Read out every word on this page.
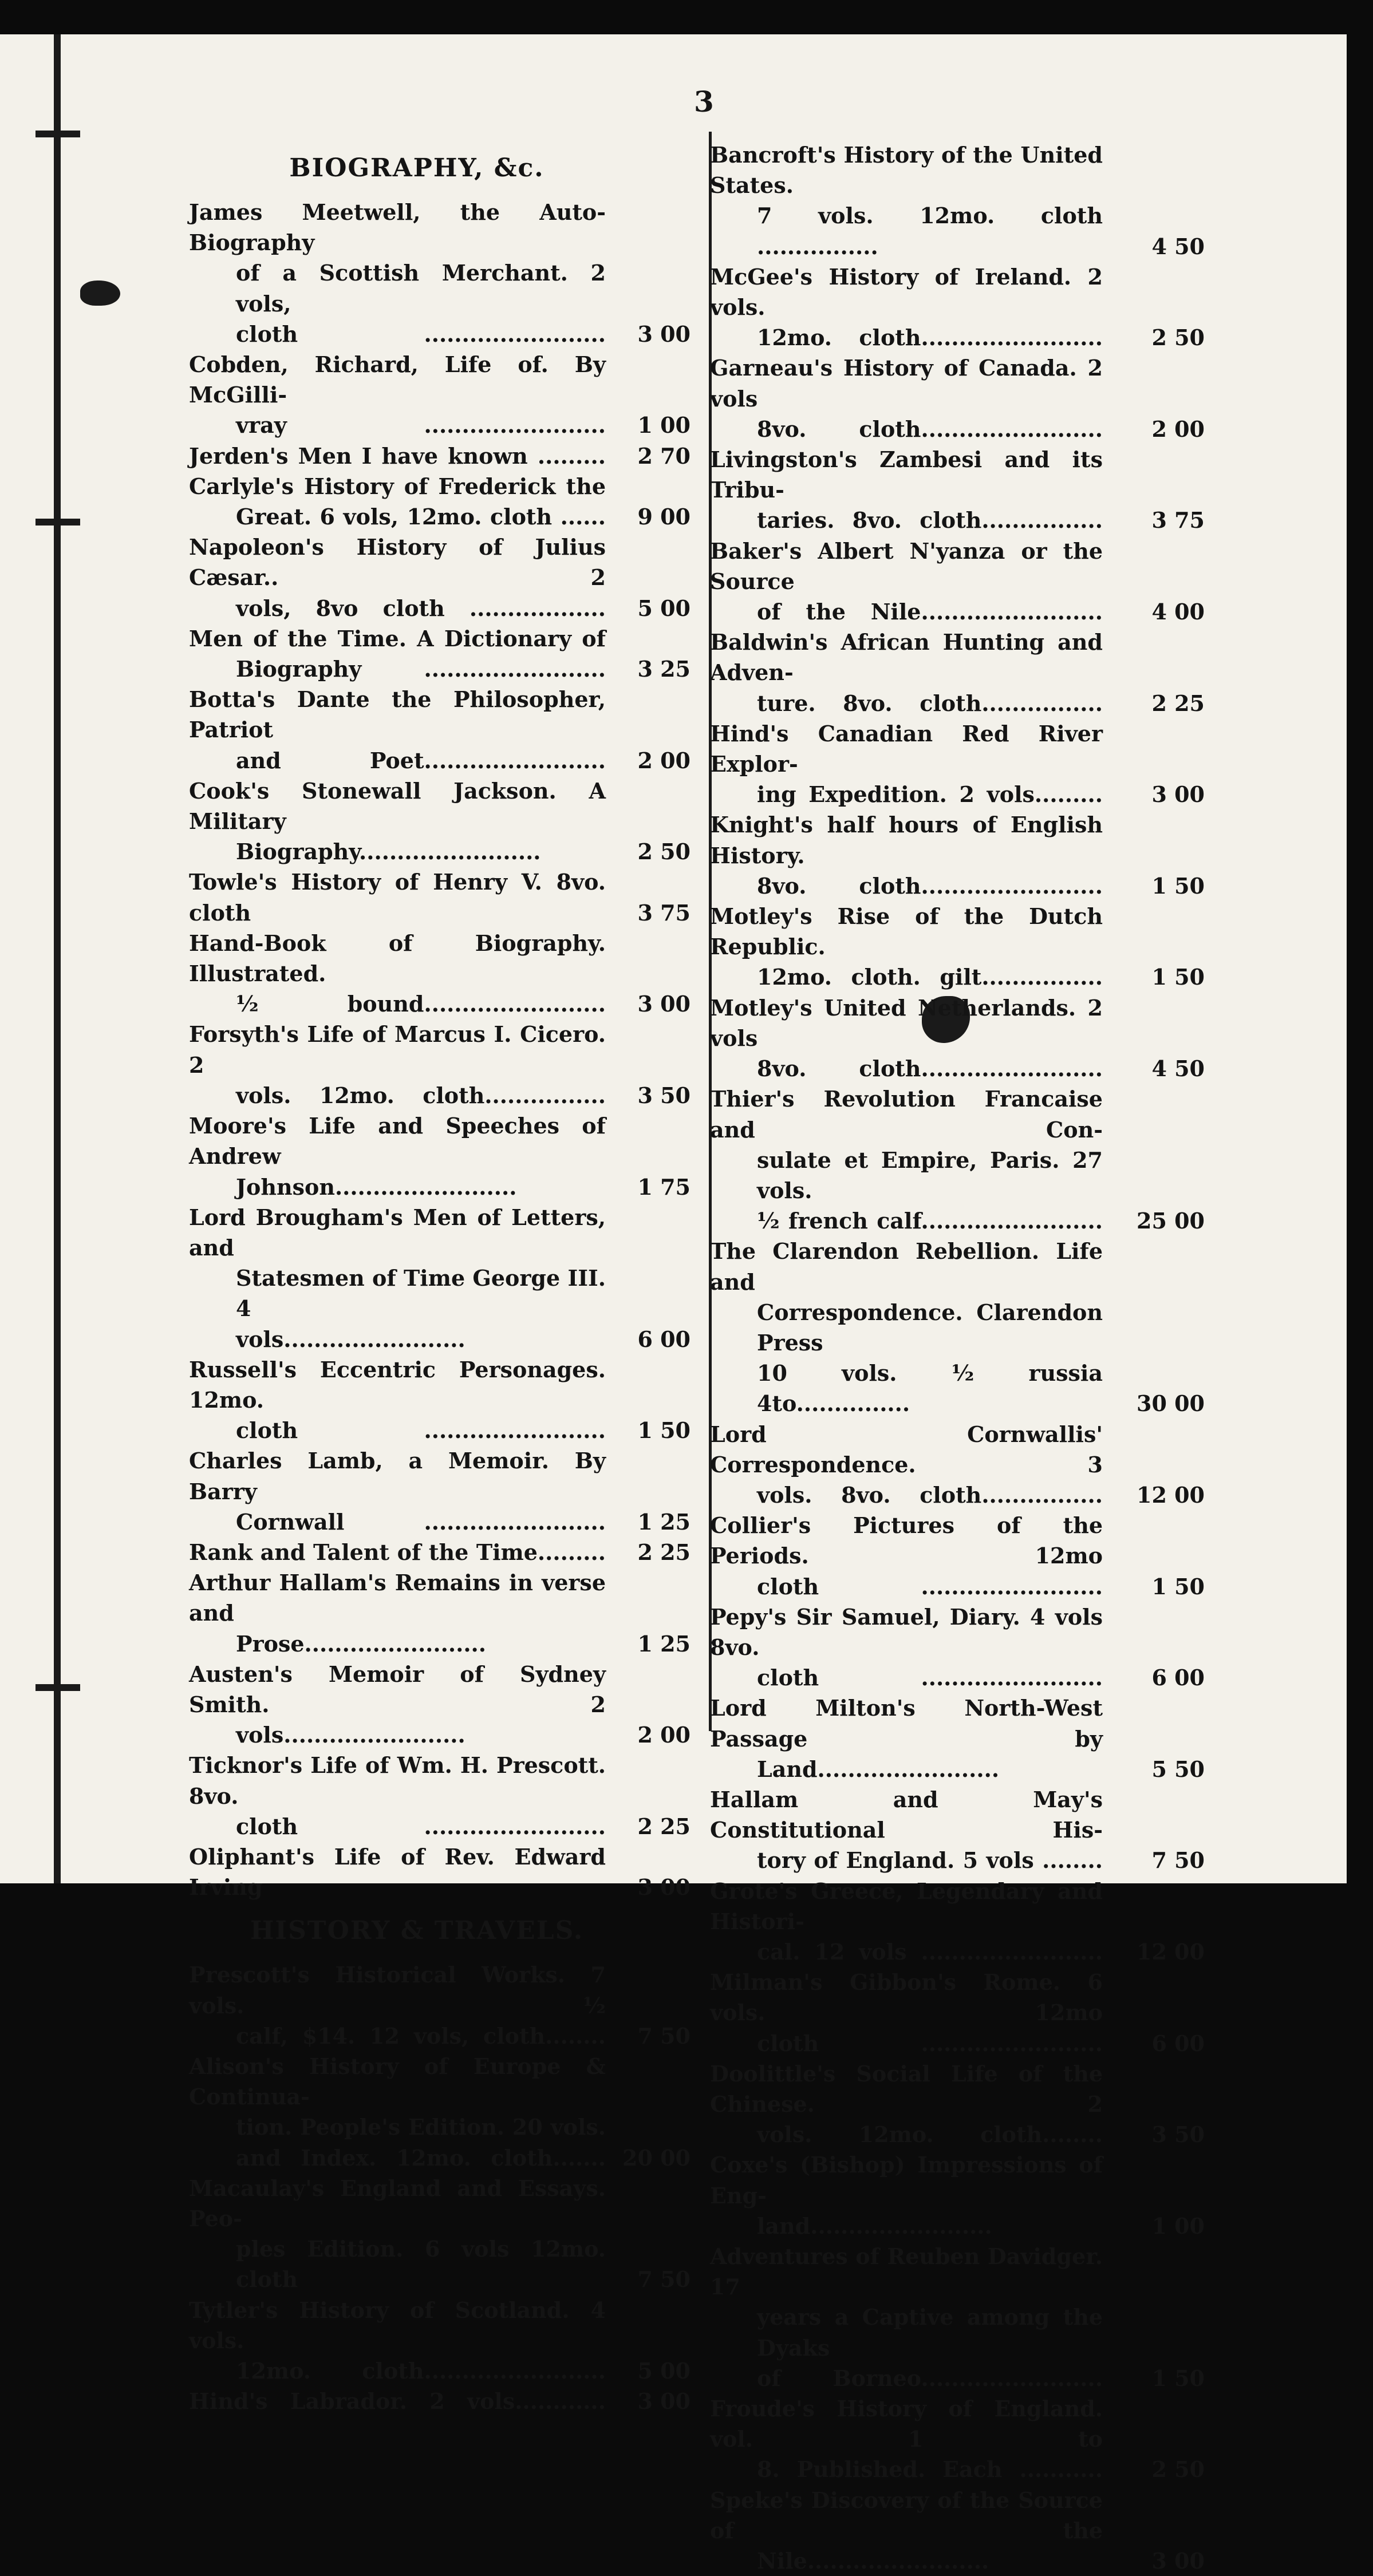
3
BIOGRAPHY, &c.
James Meetwell, the Auto-Biography
of a Scottish Merchant. 2 vols,
cloth ........................	3 00
Cobden, Richard, Life of. By McGilli-
vray ........................	1 00
Jerden's Men I have known .........	2 70
Carlyle's History of Frederick the
Great. 6 vols, 12mo. cloth ......	9 00
Napoleon's History of Julius Cæsar.. 2
vols, 8vo cloth ..................	5 00
Men of the Time. A Dictionary of
Biography ........................	3 25
Botta's Dante the Philosopher, Patriot
and Poet........................	2 00
Cook's Stonewall Jackson. A Military
Biography........................	2 50
Towle's History of Henry V. 8vo. cloth	3 75
Hand-Book of Biography. Illustrated.
½ bound........................	3 00
Forsyth's Life of Marcus I. Cicero. 2
vols. 12mo. cloth................	3 50
Moore's Life and Speeches of Andrew
Johnson........................	1 75
Lord Brougham's Men of Letters, and
Statesmen of Time George III. 4
vols........................	6 00
Russell's Eccentric Personages. 12mo.
cloth ........................	1 50
Charles Lamb, a Memoir. By Barry
Cornwall ........................	1 25
Rank and Talent of the Time.........	2 25
Arthur Hallam's Remains in verse and
Prose........................	1 25
Austen's Memoir of Sydney Smith. 2
vols........................	2 00
Ticknor's Life of Wm. H. Prescott. 8vo.
cloth ........................	2 25
Oliphant's Life of Rev. Edward Irving	3 00
HISTORY & TRAVELS.
Prescott's Historical Works. 7 vols. ½
calf, $14. 12 vols, cloth........	7 50
Alison's History of Europe & Continua-
tion. People's Edition. 20 vols.
and Index. 12mo. cloth....... 20 00
Macaulay's England and Essays. Peo-
ples Edition. 6 vols 12mo. cloth	7 50
Tytler's History of Scotland. 4 vols.
12mo. cloth........................	5 00
Hind's Labrador. 2 vols............	3 00
Bancroft's History of the United States.
7 vols. 12mo. cloth ................	4 50
McGee's History of Ireland. 2 vols.
12mo. cloth........................	2 50
Garneau's History of Canada. 2 vols
8vo. cloth........................	2 00
Livingston's Zambesi and its Tribu-
taries. 8vo. cloth................	3 75
Baker's Albert N'yanza or the Source
of the Nile........................	4 00
Baldwin's African Hunting and Adven-
ture. 8vo. cloth................	2 25
Hind's Canadian Red River Explor-
ing Expedition. 2 vols.........	3 00
Knight's half hours of English History.
8vo. cloth........................	1 50
Motley's Rise of the Dutch Republic.
12mo. cloth. gilt................	1 50
Motley's United Netherlands. 2 vols
8vo. cloth........................	4 50
Thier's Revolution Francaise and Con-
sulate et Empire, Paris. 27 vols.
½ french calf........................	25 00
The Clarendon Rebellion. Life and
Correspondence. Clarendon Press
10 vols. ½ russia 4to...............	30 00
Lord Cornwallis' Correspondence. 3
vols. 8vo. cloth................	12 00
Collier's Pictures of the Periods. 12mo
cloth ........................	1 50
Pepy's Sir Samuel, Diary. 4 vols 8vo.
cloth ........................	6 00
Lord Milton's North-West Passage by
Land........................	5 50
Hallam and May's Constitutional His-
tory of England. 5 vols ........	7 50
Grote's Greece, Legendary and Histori-
cal. 12 vols ........................	12 00
Milman's Gibbon's Rome. 6 vols. 12mo
cloth ........................	6 00
Doolittle's Social Life of the Chinese. 2
vols. 12mo. cloth........	3 50
Coxe's (Bishop) Impressions of Eng-
land........................	1 00
Adventures of Reuben Davidger. 17
years a Captive among the Dyaks
of Borneo........................	1 50
Froude's History of England. vol. 1 to
8. Published. Each ...........	2 50
Speke's Discovery of the Source of the
Nile........................	3 00
